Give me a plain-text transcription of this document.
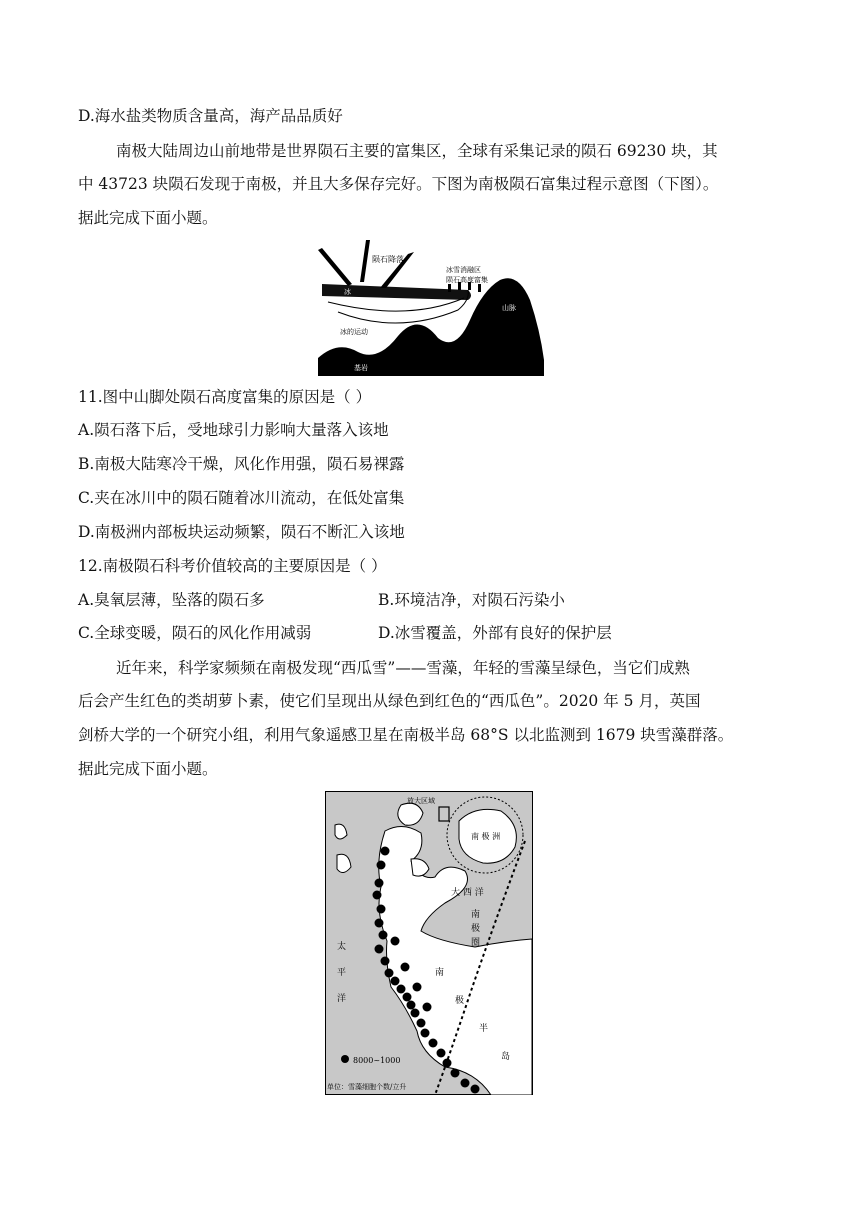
D.海水盐类物质含量高，海产品品质好
南极大陆周边山前地带是世界陨石主要的富集区，全球有采集记录的陨石 69230 块，其
中 43723 块陨石发现于南极，并且大多保存完好。下图为南极陨石富集过程示意图（下图）。
据此完成下面小题。
陨石降落
冰雪消融区
陨石高度富集
冰
冰的运动
山脉
基岩
11.图中山脚处陨石高度富集的原因是（ ）
A.陨石落下后，受地球引力影响大量落入该地
B.南极大陆寒冷干燥，风化作用强，陨石易裸露
C.夹在冰川中的陨石随着冰川流动，在低处富集
D.南极洲内部板块运动频繁，陨石不断汇入该地
12.南极陨石科考价值较高的主要原因是（ ）
A.臭氧层薄，坠落的陨石多	B.环境洁净，对陨石污染小
C.全球变暖，陨石的风化作用减弱	D.冰雪覆盖，外部有良好的保护层
近年来，科学家频频在南极发现“西瓜雪”——雪藻，年轻的雪藻呈绿色，当它们成熟
后会产生红色的类胡萝卜素，使它们呈现出从绿色到红色的“西瓜色”。2020 年 5 月，英国
剑桥大学的一个研究小组，利用气象遥感卫星在南极半岛 68°S 以北监测到 1679 块雪藻群落。
据此完成下面小题。
8000~1000
单位：雪藻细胞个数/立升
放大区域
南 极 洲
大 西 洋
南
极
圈
太
平
洋
南
极
半
岛
